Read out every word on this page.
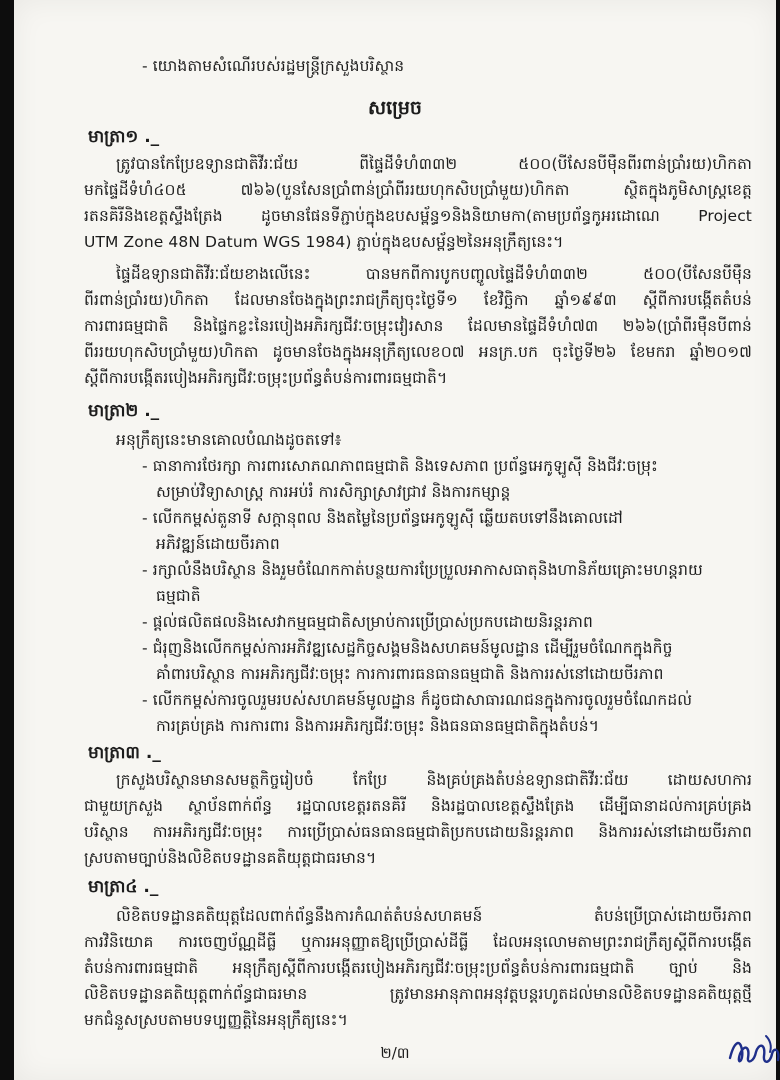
- យោងតាមសំណើរបស់រដ្ឋមន្ត្រីក្រសួងបរិស្ថាន
សម្រេច
មាត្រា១ ._
ត្រូវបានកែប្រែឧទ្យានជាតិវីរៈជ័យ ពីផ្ទៃដីទំហំ៣៣២ ៥០០(បីសែនបីម៉ឺនពីរពាន់ប្រាំរយ)ហិកតា
មកផ្ទៃដីទំហំ៤០៥ ៧៦៦(បួនសែនប្រាំពាន់ប្រាំពីររយហុកសិបប្រាំមួយ)ហិកតា ស្ថិតក្នុងភូមិសាស្ត្រខេត្ត
រតនគិរីនិងខេត្តស្ទឹងត្រែង ដូចមានផែនទីភ្ជាប់ក្នុងឧបសម្ព័ន្ធ១និងនិយាមកា(តាមប្រព័ន្ធកូអរដោណេ Project
UTM Zone 48N Datum WGS 1984) ភ្ជាប់ក្នុងឧបសម្ព័ន្ធ២នៃអនុក្រឹត្យនេះ។
ផ្ទៃដីឧទ្យានជាតិវីរៈជ័យខាងលើនេះ បានមកពីការបូកបញ្ចូលផ្ទៃដីទំហំ៣៣២ ៥០០(បីសែនបីម៉ឺន
ពីរពាន់ប្រាំរយ)ហិកតា ដែលមានចែងក្នុងព្រះរាជក្រឹត្យចុះថ្ងៃទី១ ខែវិច្ឆិកា ឆ្នាំ១៩៩៣ ស្តីពីការបង្កើតតំបន់
ការពារធម្មជាតិ និងផ្ទៃកខ្លះនៃរបៀងអភិរក្សជីវៈចម្រុះវៀរសាន ដែលមានផ្ទៃដីទំហំ៧៣ ២៦៦(ប្រាំពីរម៉ឺនបីពាន់
ពីររយហុកសិបប្រាំមួយ)ហិកតា ដូចមានចែងក្នុងអនុក្រឹត្យលេខ០៧ អនក្រ.បក ចុះថ្ងៃទី២៦ ខែមករា ឆ្នាំ២០១៧
ស្តីពីការបង្កើតរបៀងអភិរក្សជីវៈចម្រុះប្រព័ន្ធតំបន់ការពារធម្មជាតិ។
មាត្រា២ ._
អនុក្រឹត្យនេះមានគោលបំណងដូចតទៅ៖
- ធានាការថែរក្សា ការពារសោភណភាពធម្មជាតិ និងទេសភាព ប្រព័ន្ធអេកូឡូស៊ី និងជីវៈចម្រុះ
សម្រាប់វិទ្យាសាស្ត្រ ការអប់រំ ការសិក្សាស្រាវជ្រាវ និងការកម្សាន្ត
- លើកកម្ពស់តួនាទី សក្តានុពល និងតម្លៃនៃប្រព័ន្ធអេកូឡូស៊ី ឆ្លើយតបទៅនឹងគោលដៅ
អភិវឌ្ឍន៍ដោយចីរភាព
- រក្សាលំនឹងបរិស្ថាន និងរួមចំណែកកាត់បន្ថយការប្រែប្រួលអាកាសធាតុនិងហានិភ័យគ្រោះមហន្តរាយ
ធម្មជាតិ
- ផ្តល់ផលិតផលនិងសេវាកម្មធម្មជាតិសម្រាប់ការប្រើប្រាស់ប្រកបដោយនិរន្តរភាព
- ជំរុញនិងលើកកម្ពស់ការអភិវឌ្ឍសេដ្ឋកិច្ចសង្គមនិងសហគមន៍មូលដ្ឋាន ដើម្បីរួមចំណែកក្នុងកិច្ច
គាំពារបរិស្ថាន ការអភិរក្សជីវៈចម្រុះ ការការពារធនធានធម្មជាតិ និងការរស់នៅដោយចីរភាព
- លើកកម្ពស់ការចូលរួមរបស់សហគមន៍មូលដ្ឋាន ក៏ដូចជាសាធារណជនក្នុងការចូលរួមចំណែកដល់
ការគ្រប់គ្រង ការការពារ និងការអភិរក្សជីវៈចម្រុះ និងធនធានធម្មជាតិក្នុងតំបន់។
មាត្រា៣ ._
ក្រសួងបរិស្ថានមានសមត្ថកិច្ចរៀបចំ កែប្រែ និងគ្រប់គ្រងតំបន់ឧទ្យានជាតិវីរៈជ័យ ដោយសហការ
ជាមួយក្រសួង ស្ថាប័នពាក់ព័ន្ធ រដ្ឋបាលខេត្តរតនគិរី និងរដ្ឋបាលខេត្តស្ទឹងត្រែង ដើម្បីធានាដល់ការគ្រប់គ្រង
បរិស្ថាន ការអភិរក្សជីវៈចម្រុះ ការប្រើប្រាស់ធនធានធម្មជាតិប្រកបដោយនិរន្តរភាព និងការរស់នៅដោយចីរភាព
ស្របតាមច្បាប់និងលិខិតបទដ្ឋានគតិយុត្តជាធរមាន។
មាត្រា៤ ._
លិខិតបទដ្ឋានគតិយុត្តដែលពាក់ព័ន្ធនឹងការកំណត់តំបន់សហគមន៍ តំបន់ប្រើប្រាស់ដោយចីរភាព
ការវិនិយោគ ការចេញប័ណ្ណដីធ្លី ឬការអនុញ្ញាតឱ្យប្រើប្រាស់ដីធ្លី ដែលអនុលោមតាមព្រះរាជក្រឹត្យស្តីពីការបង្កើត
តំបន់ការពារធម្មជាតិ អនុក្រឹត្យស្តីពីការបង្កើតរបៀងអភិរក្សជីវៈចម្រុះប្រព័ន្ធតំបន់ការពារធម្មជាតិ ច្បាប់ និង
លិខិតបទដ្ឋានគតិយុត្តពាក់ព័ន្ធជាធរមាន ត្រូវមានអានុភាពអនុវត្តបន្តរហូតដល់មានលិខិតបទដ្ឋានគតិយុត្តថ្មី
មកជំនួសស្របតាមបទប្បញ្ញត្តិនៃអនុក្រឹត្យនេះ។
២/៣
